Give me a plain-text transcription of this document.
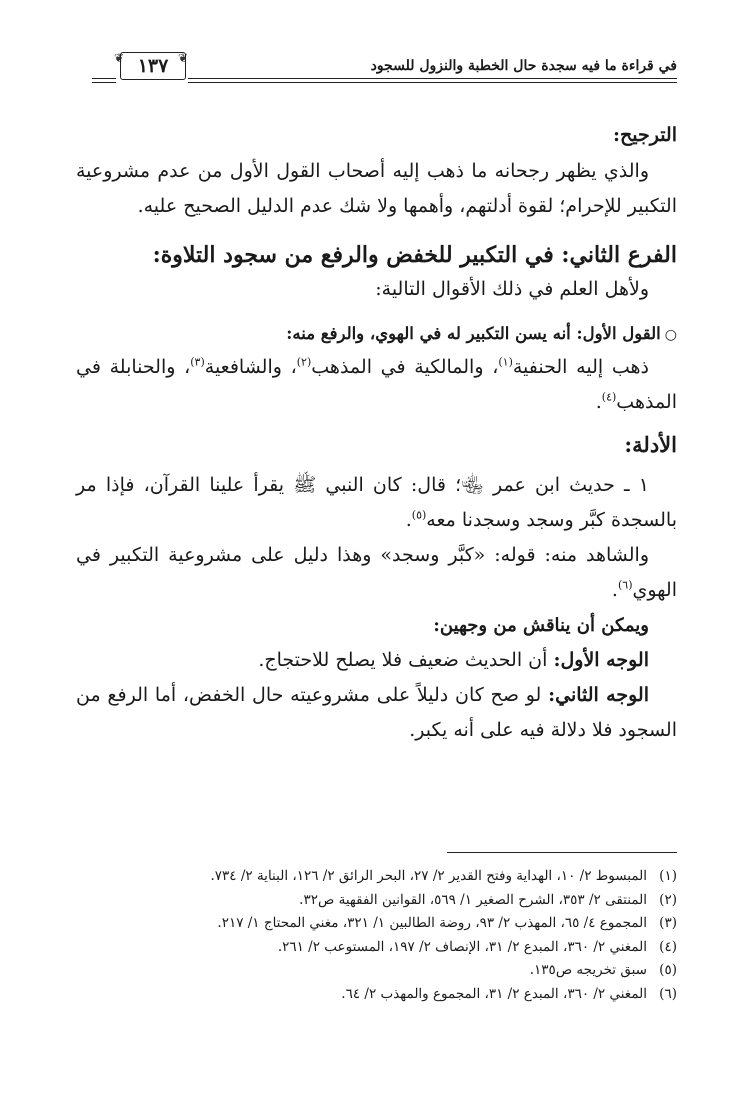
في قراءة ما فيه سجدة حال الخطبة والنزول للسجود
❦	❦
١٣٧

الترجيح:

والذي يظهر رجحانه ما ذهب إليه أصحاب القول الأول من عدم مشروعية التكبير للإحرام؛ لقوة أدلتهم، وأهمها ولا شك عدم الدليل الصحيح عليه.

الفرع الثاني: في التكبير للخفض والرفع من سجود التلاوة:

ولأهل العلم في ذلك الأقوال التالية:

○القول الأول: أنه يسن التكبير له في الهوي، والرفع منه:

ذهب إليه الحنفية$^{(١)}$، والمالكية في المذهب$^{(٢)}$، والشافعية$^{(٣)}$، والحنابلة في المذهب$^{(٤)}$.

الأدلة:

١ ـ حديث ابن عمر ﵄؛ قال: كان النبي ﷺ يقرأ علينا القرآن، فإذا مر بالسجدة كبَّر وسجد وسجدنا معه$^{(٥)}$.

والشاهد منه: قوله: «كبَّر وسجد» وهذا دليل على مشروعية التكبير في الهوي$^{(٦)}$.

ويمكن أن يناقش من وجهين:

الوجه الأول: أن الحديث ضعيف فلا يصلح للاحتجاج.

الوجه الثاني: لو صح كان دليلاً على مشروعيته حال الخفض، أما الرفع من السجود فلا دلالة فيه على أنه يكبر.

(١)المبسوط ٢/ ١٠، الهداية وفتح القدير ٢/ ٢٧، البحر الرائق ٢/ ١٢٦، البناية ٢/ ٧٣٤.

(٢)المنتقى ٢/ ٣٥٣، الشرح الصغير ١/ ٥٦٩، القوانين الفقهية ص٣٢.

(٣)المجموع ٤/ ٦٥، المهذب ٢/ ٩٣، روضة الطالبين ١/ ٣٢١، مغني المحتاج ١/ ٢١٧.

(٤)المغني ٢/ ٣٦٠، المبدع ٢/ ٣١، الإنصاف ٢/ ١٩٧، المستوعب ٢/ ٢٦١.

(٥)سبق تخريجه ص١٣٥.

(٦)المغني ٢/ ٣٦٠، المبدع ٢/ ٣١، المجموع والمهذب ٢/ ٦٤.
